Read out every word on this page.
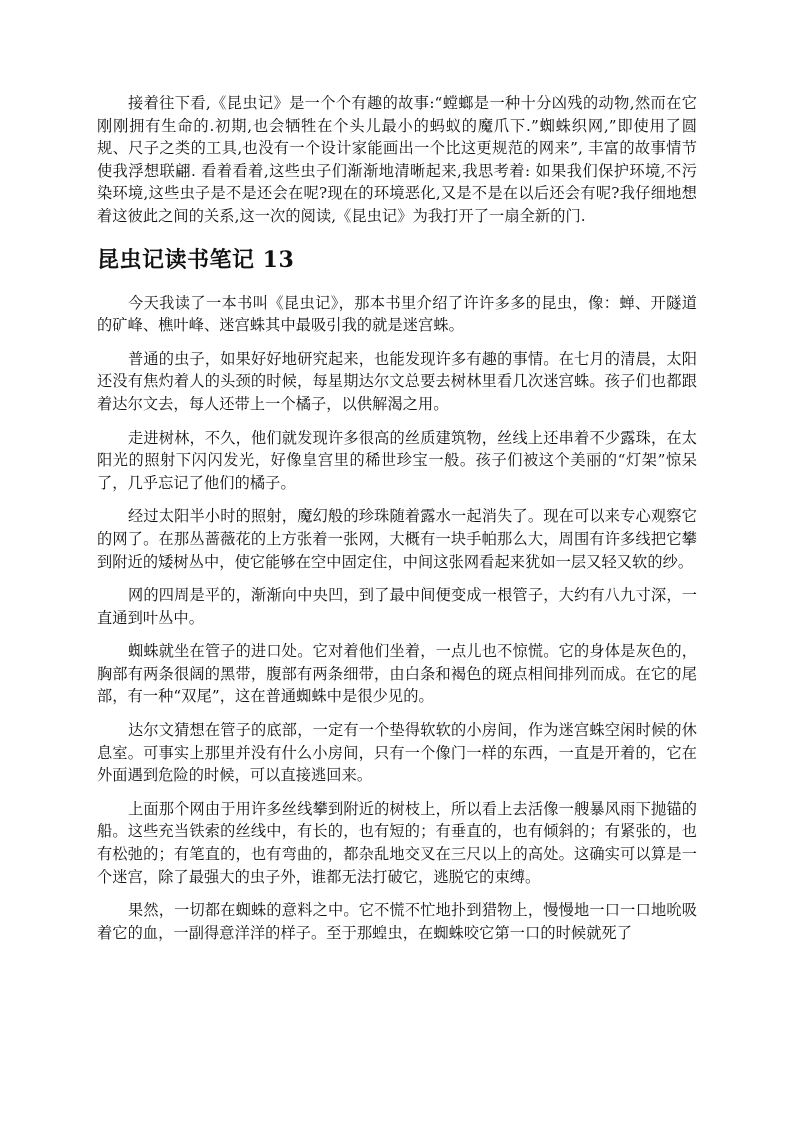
接着往下看,《昆虫记》是一个个有趣的故事:“螳螂是一种十分凶残的动物,然而在它刚刚拥有生命的.初期,也会牺牲在个头儿最小的蚂蚁的魔爪下.”蜘蛛织网,”即使用了圆规、尺子之类的工具,也没有一个设计家能画出一个比这更规范的网来”, 丰富的故事情节使我浮想联翩. 看着看着,这些虫子们渐渐地清晰起来,我思考着: 如果我们保护环境,不污染环境,这些虫子是不是还会在呢?现在的环境恶化,又是不是在以后还会有呢?我仔细地想着这彼此之间的关系,这一次的阅读,《昆虫记》为我打开了一扇全新的门.

昆虫记读书笔记 13

今天我读了一本书叫《昆虫记》，那本书里介绍了许许多多的昆虫，像：蝉、开隧道的矿峰、樵叶峰、迷宫蛛其中最吸引我的就是迷宫蛛。

普通的虫子，如果好好地研究起来，也能发现许多有趣的事情。在七月的清晨，太阳还没有焦灼着人的头颈的时候，每星期达尔文总要去树林里看几次迷宫蛛。孩子们也都跟着达尔文去，每人还带上一个橘子，以供解渴之用。

走进树林，不久，他们就发现许多很高的丝质建筑物，丝线上还串着不少露珠，在太阳光的照射下闪闪发光，好像皇宫里的稀世珍宝一般。孩子们被这个美丽的“灯架”惊呆了，几乎忘记了他们的橘子。

经过太阳半小时的照射，魔幻般的珍珠随着露水一起消失了。现在可以来专心观察它的网了。在那丛蔷薇花的上方张着一张网，大概有一块手帕那么大，周围有许多线把它攀到附近的矮树丛中，使它能够在空中固定住，中间这张网看起来犹如一层又轻又软的纱。

网的四周是平的，渐渐向中央凹，到了最中间便变成一根管子，大约有八九寸深，一直通到叶丛中。

蜘蛛就坐在管子的进口处。它对着他们坐着，一点儿也不惊慌。它的身体是灰色的，胸部有两条很阔的黑带，腹部有两条细带，由白条和褐色的斑点相间排列而成。在它的尾部，有一种“双尾”，这在普通蜘蛛中是很少见的。

达尔文猜想在管子的底部，一定有一个垫得软软的小房间，作为迷宫蛛空闲时候的休息室。可事实上那里并没有什么小房间，只有一个像门一样的东西，一直是开着的，它在外面遇到危险的时候，可以直接逃回来。

上面那个网由于用许多丝线攀到附近的树枝上，所以看上去活像一艘暴风雨下抛锚的船。这些充当铁索的丝线中，有长的，也有短的；有垂直的，也有倾斜的；有紧张的，也有松弛的；有笔直的，也有弯曲的，都杂乱地交叉在三尺以上的高处。这确实可以算是一个迷宫，除了最强大的虫子外，谁都无法打破它，逃脱它的束缚。

果然，一切都在蜘蛛的意料之中。它不慌不忙地扑到猎物上，慢慢地一口一口地吮吸着它的血，一副得意洋洋的样子。至于那蝗虫，在蜘蛛咬它第一口的时候就死了
